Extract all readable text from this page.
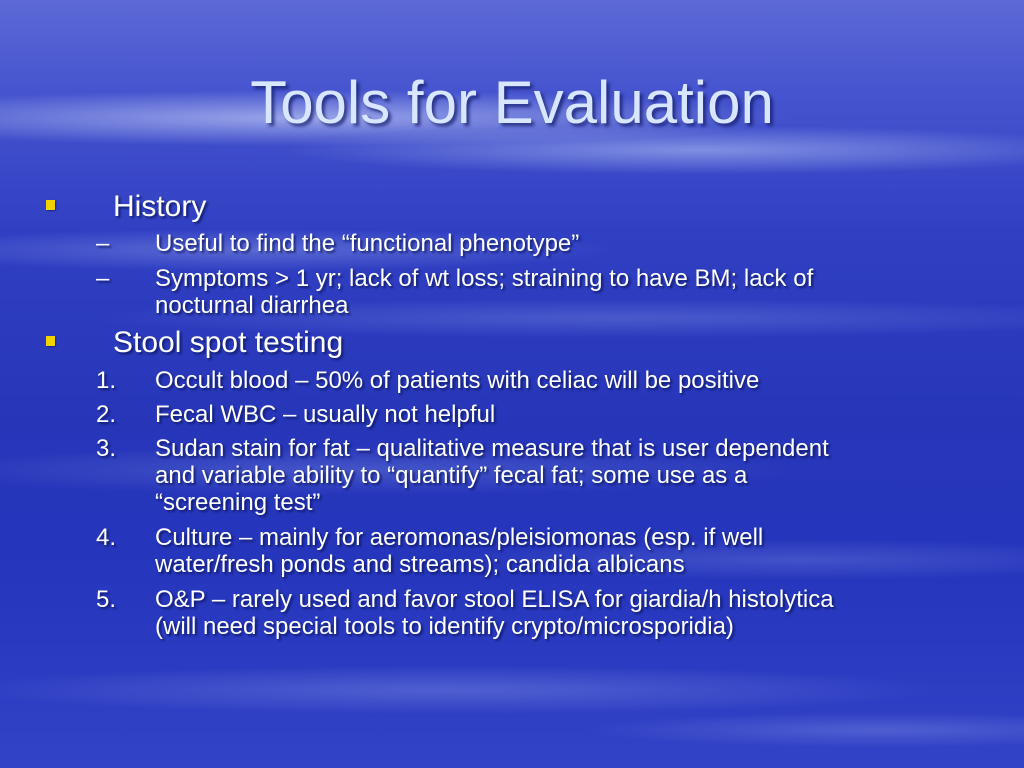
Tools for Evaluation
History
– Useful to find the “functional phenotype”
– Symptoms > 1 yr; lack of wt loss; straining to have BM; lack of
nocturnal diarrhea
Stool spot testing
1. Occult blood – 50% of patients with celiac will be positive
2. Fecal WBC – usually not helpful
3. Sudan stain for fat – qualitative measure that is user dependent
and variable ability to “quantify” fecal fat; some use as a
“screening test”
4. Culture – mainly for aeromonas/pleisiomonas (esp. if well
water/fresh ponds and streams); candida albicans
5. O&P – rarely used and favor stool ELISA for giardia/h histolytica
(will need special tools to identify crypto/microsporidia)
